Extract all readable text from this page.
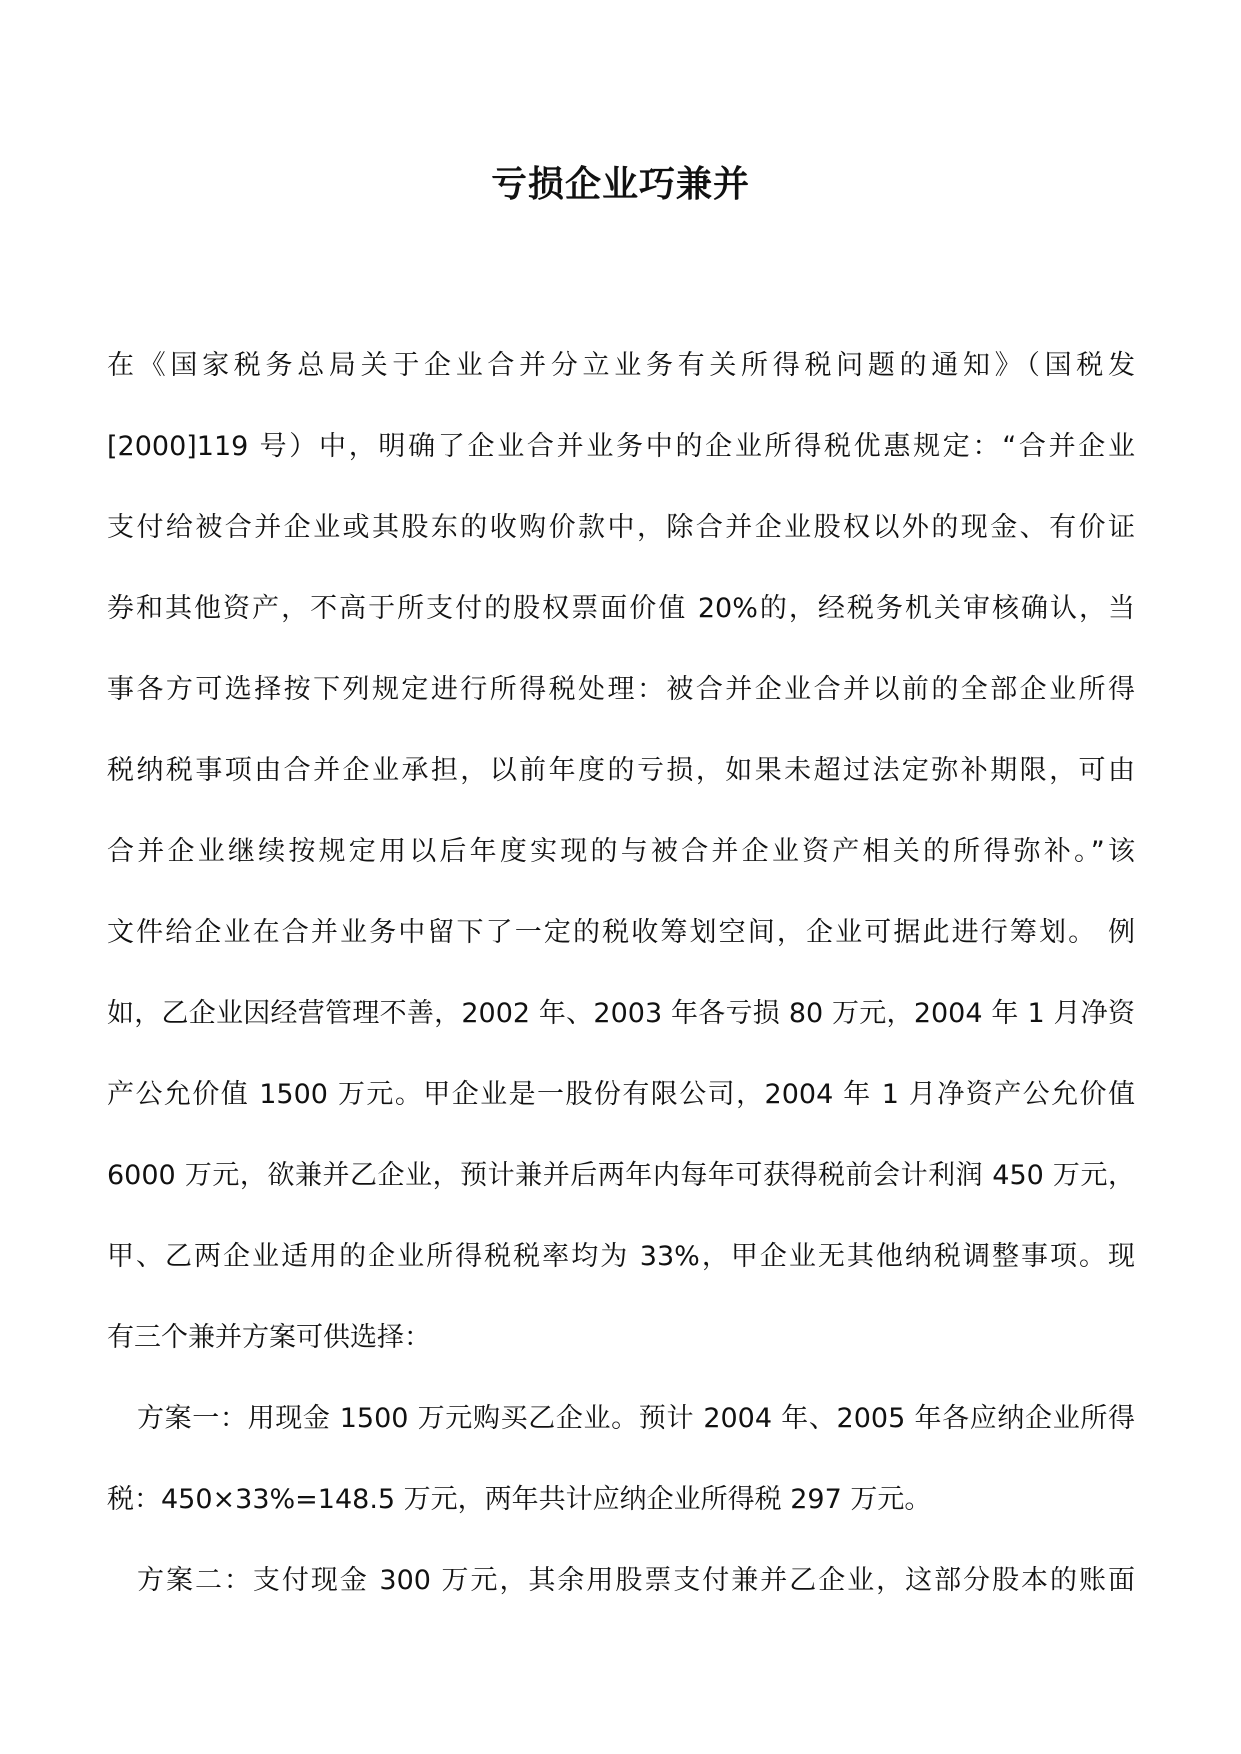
亏损企业巧兼并
在《国家税务总局关于企业合并分立业务有关所得税问题的通知》（国税发
[2000]119 号）中，明确了企业合并业务中的企业所得税优惠规定：“合并企业
支付给被合并企业或其股东的收购价款中，除合并企业股权以外的现金、有价证
券和其他资产，不高于所支付的股权票面价值 20%的，经税务机关审核确认，当
事各方可选择按下列规定进行所得税处理：被合并企业合并以前的全部企业所得
税纳税事项由合并企业承担，以前年度的亏损，如果未超过法定弥补期限，可由
合并企业继续按规定用以后年度实现的与被合并企业资产相关的所得弥补。”该
文件给企业在合并业务中留下了一定的税收筹划空间，企业可据此进行筹划。 例
如，乙企业因经营管理不善，2002 年、2003 年各亏损 80 万元，2004 年 1 月净资
产公允价值 1500 万元。甲企业是一股份有限公司，2004 年 1 月净资产公允价值
6000 万元，欲兼并乙企业，预计兼并后两年内每年可获得税前会计利润 450 万元，
甲、乙两企业适用的企业所得税税率均为 33%，甲企业无其他纳税调整事项。现
有三个兼并方案可供选择：
方案一：用现金 1500 万元购买乙企业。预计 2004 年、2005 年各应纳企业所得
税：450×33%=148.5 万元，两年共计应纳企业所得税 297 万元。
方案二：支付现金 300 万元，其余用股票支付兼并乙企业，这部分股本的账面
